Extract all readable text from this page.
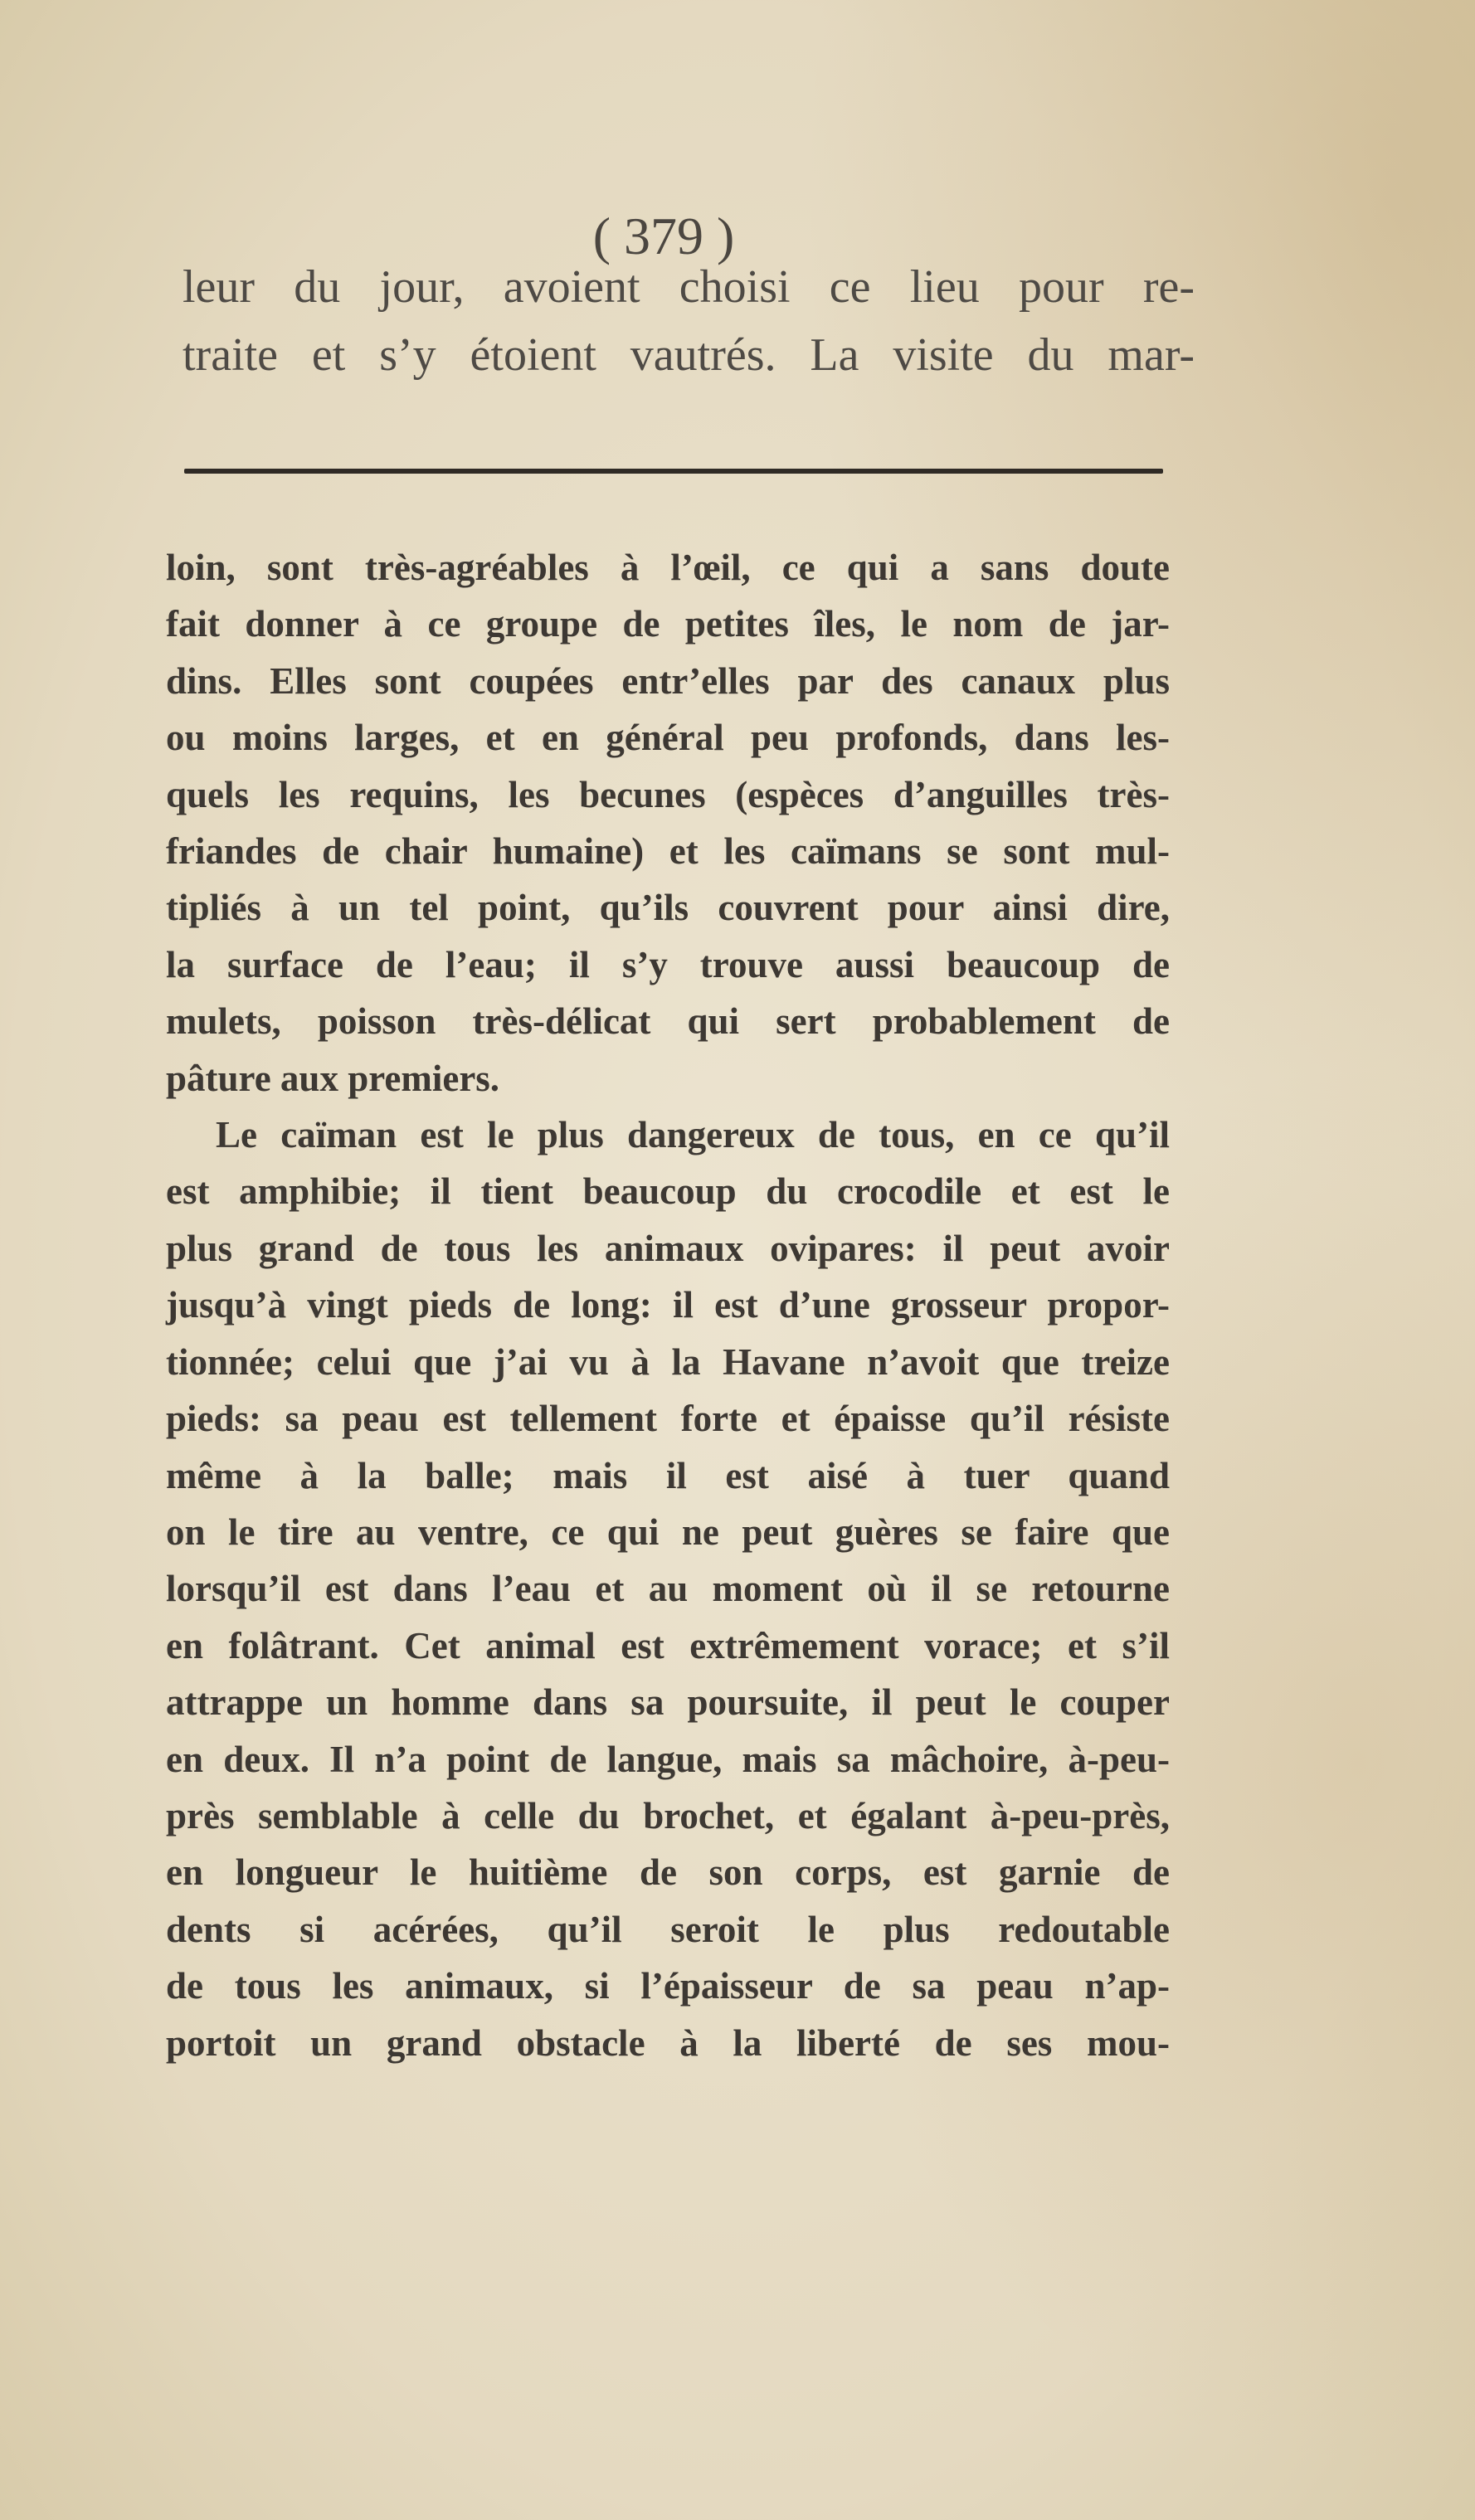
( 379 )
leur du jour, avoient choisi ce lieu pour re-
traite et s’y étoient vautrés. La visite du mar-
loin, sont très-agréables à l’œil, ce qui a sans doute
fait donner à ce groupe de petites îles, le nom de jar-
dins. Elles sont coupées entr’elles par des canaux plus
ou moins larges, et en général peu profonds, dans les-
quels les requins, les becunes (espèces d’anguilles très-
friandes de chair humaine) et les caïmans se sont mul-
tipliés à un tel point, qu’ils couvrent pour ainsi dire,
la surface de l’eau; il s’y trouve aussi beaucoup de
mulets, poisson très-délicat qui sert probablement de
pâture aux premiers.
Le caïman est le plus dangereux de tous, en ce qu’il
est amphibie; il tient beaucoup du crocodile et est le
plus grand de tous les animaux ovipares: il peut avoir
jusqu’à vingt pieds de long: il est d’une grosseur propor-
tionnée; celui que j’ai vu à la Havane n’avoit que treize
pieds: sa peau est tellement forte et épaisse qu’il résiste
même à la balle; mais il est aisé à tuer quand
on le tire au ventre, ce qui ne peut guères se faire que
lorsqu’il est dans l’eau et au moment où il se retourne
en folâtrant. Cet animal est extrêmement vorace; et s’il
attrappe un homme dans sa poursuite, il peut le couper
en deux. Il n’a point de langue, mais sa mâchoire, à-peu-
près semblable à celle du brochet, et égalant à-peu-près,
en longueur le huitième de son corps, est garnie de
dents si acérées, qu’il seroit le plus redoutable
de tous les animaux, si l’épaisseur de sa peau n’ap-
portoit un grand obstacle à la liberté de ses mou-
